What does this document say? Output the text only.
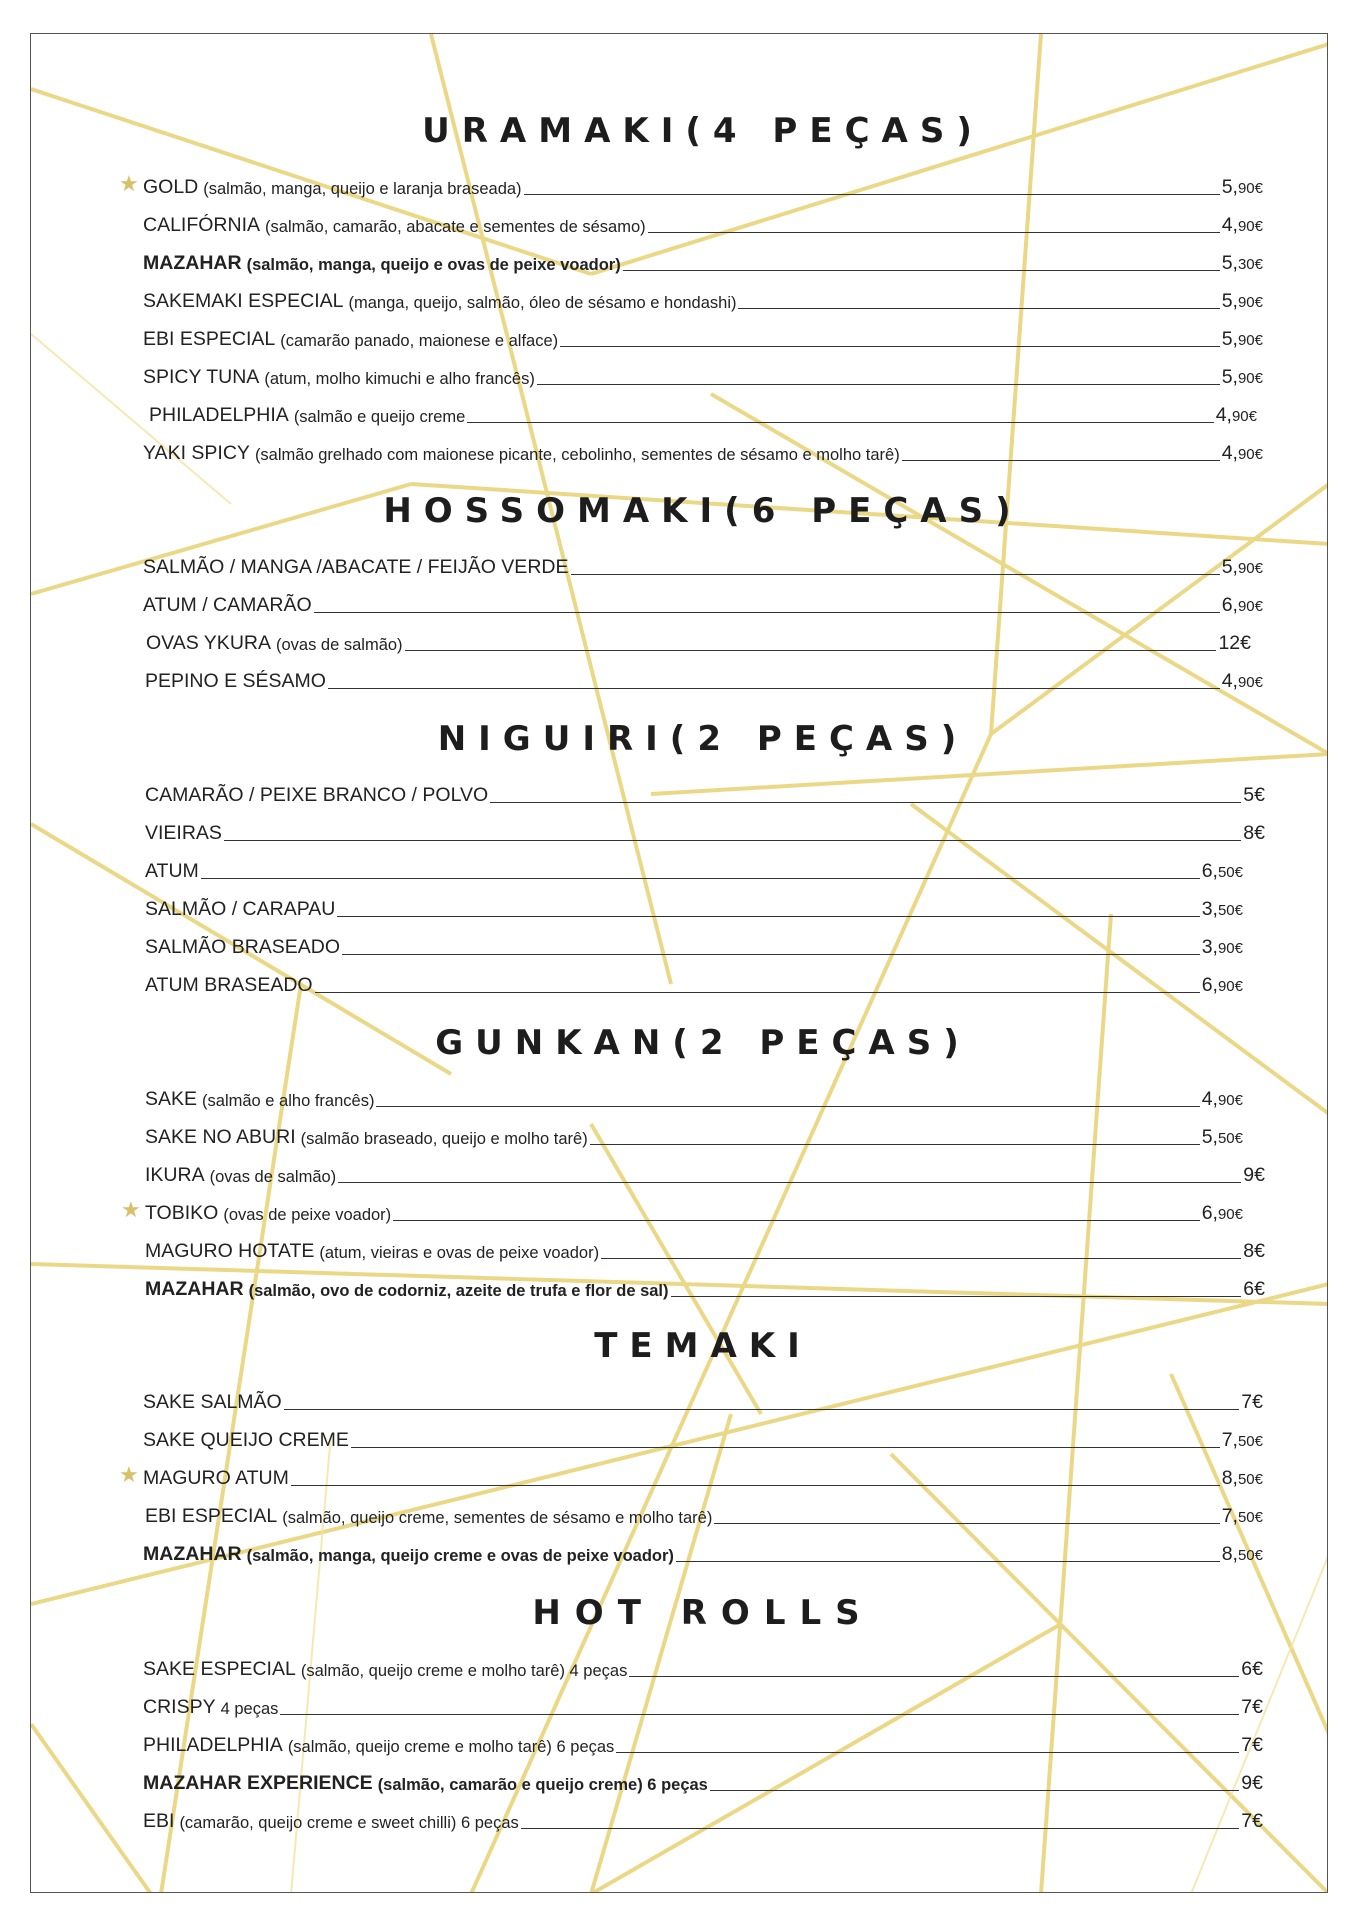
URAMAKI(4 PEÇAS)
★ GOLD (salmão, manga, queijo e laranja braseada)	5,90€
CALIFÓRNIA (salmão, camarão, abacate e sementes de sésamo)	4,90€
MAZAHAR (salmão, manga, queijo e ovas de peixe voador)	5,30€
SAKEMAKI ESPECIAL (manga, queijo, salmão, óleo de sésamo e hondashi)	5,90€
EBI ESPECIAL (camarão panado, maionese e alface)	5,90€
SPICY TUNA (atum, molho kimuchi e alho francês)	5,90€
PHILADELPHIA (salmão e queijo creme	4,90€
YAKI SPICY (salmão grelhado com maionese picante, cebolinho, sementes de sésamo e molho tarê)	4,90€
HOSSOMAKI(6 PEÇAS)
SALMÃO / MANGA /ABACATE / FEIJÃO VERDE	5,90€
ATUM / CAMARÃO	6,90€
OVAS YKURA (ovas de salmão)	12€
PEPINO E SÉSAMO	4,90€
NIGUIRI(2 PEÇAS)
CAMARÃO / PEIXE BRANCO / POLVO	5€
VIEIRAS	8€
ATUM	6,50€
SALMÃO / CARAPAU	3,50€
SALMÃO BRASEADO	3,90€
ATUM BRASEADO	6,90€
GUNKAN(2 PEÇAS)
SAKE (salmão e alho francês)	4,90€
SAKE NO ABURI (salmão braseado, queijo e molho tarê)	5,50€
IKURA (ovas de salmão)	9€
★ TOBIKO (ovas de peixe voador)	6,90€
MAGURO HOTATE (atum, vieiras e ovas de peixe voador)	8€
MAZAHAR (salmão, ovo de codorniz, azeite de trufa e flor de sal)	6€
TEMAKI
SAKE SALMÃO	7€
SAKE QUEIJO CREME	7,50€
★ MAGURO ATUM	8,50€
EBI ESPECIAL (salmão, queijo creme, sementes de sésamo e molho tarê)	7,50€
MAZAHAR (salmão, manga, queijo creme e ovas de peixe voador)	8,50€
HOT ROLLS
SAKE ESPECIAL (salmão, queijo creme e molho tarê) 4 peças	6€
CRISPY 4 peças	7€
PHILADELPHIA (salmão, queijo creme e molho tarê) 6 peças	7€
MAZAHAR EXPERIENCE (salmão, camarão e queijo creme) 6 peças	9€
EBI (camarão, queijo creme e sweet chilli) 6 peças	7€
